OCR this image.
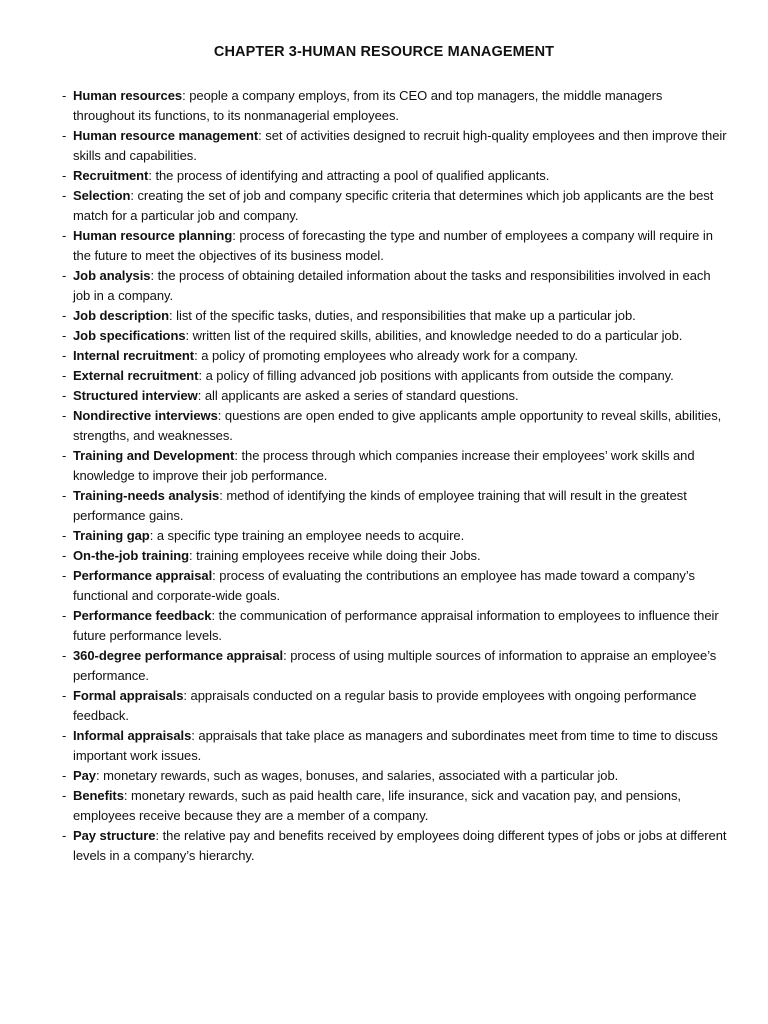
CHAPTER 3-HUMAN RESOURCE MANAGEMENT
- Human resources: people a company employs, from its CEO and top managers, the middle managers throughout its functions, to its nonmanagerial employees.
- Human resource management: set of activities designed to recruit high-quality employees and then improve their skills and capabilities.
- Recruitment: the process of identifying and attracting a pool of qualified applicants.
- Selection: creating the set of job and company specific criteria that determines which job applicants are the best match for a particular job and company.
- Human resource planning: process of forecasting the type and number of employees a company will require in the future to meet the objectives of its business model.
- Job analysis: the process of obtaining detailed information about the tasks and responsibilities involved in each job in a company.
- Job description: list of the specific tasks, duties, and responsibilities that make up a particular job.
- Job specifications: written list of the required skills, abilities, and knowledge needed to do a particular job.
- Internal recruitment: a policy of promoting employees who already work for a company.
- External recruitment: a policy of filling advanced job positions with applicants from outside the company.
- Structured interview: all applicants are asked a series of standard questions.
- Nondirective interviews: questions are open ended to give applicants ample opportunity to reveal skills, abilities, strengths, and weaknesses.
- Training and Development: the process through which companies increase their employees’ work skills and knowledge to improve their job performance.
- Training-needs analysis: method of identifying the kinds of employee training that will result in the greatest performance gains.
- Training gap: a specific type training an employee needs to acquire.
- On-the-job training: training employees receive while doing their Jobs.
- Performance appraisal: process of evaluating the contributions an employee has made toward a company’s functional and corporate-wide goals.
- Performance feedback: the communication of performance appraisal information to employees to influence their future performance levels.
- 360-degree performance appraisal: process of using multiple sources of information to appraise an employee’s performance.
- Formal appraisals: appraisals conducted on a regular basis to provide employees with ongoing performance feedback.
- Informal appraisals: appraisals that take place as managers and subordinates meet from time to time to discuss important work issues.
- Pay: monetary rewards, such as wages, bonuses, and salaries, associated with a particular job.
- Benefits: monetary rewards, such as paid health care, life insurance, sick and vacation pay, and pensions, employees receive because they are a member of a company.
- Pay structure: the relative pay and benefits received by employees doing different types of jobs or jobs at different levels in a company’s hierarchy.
